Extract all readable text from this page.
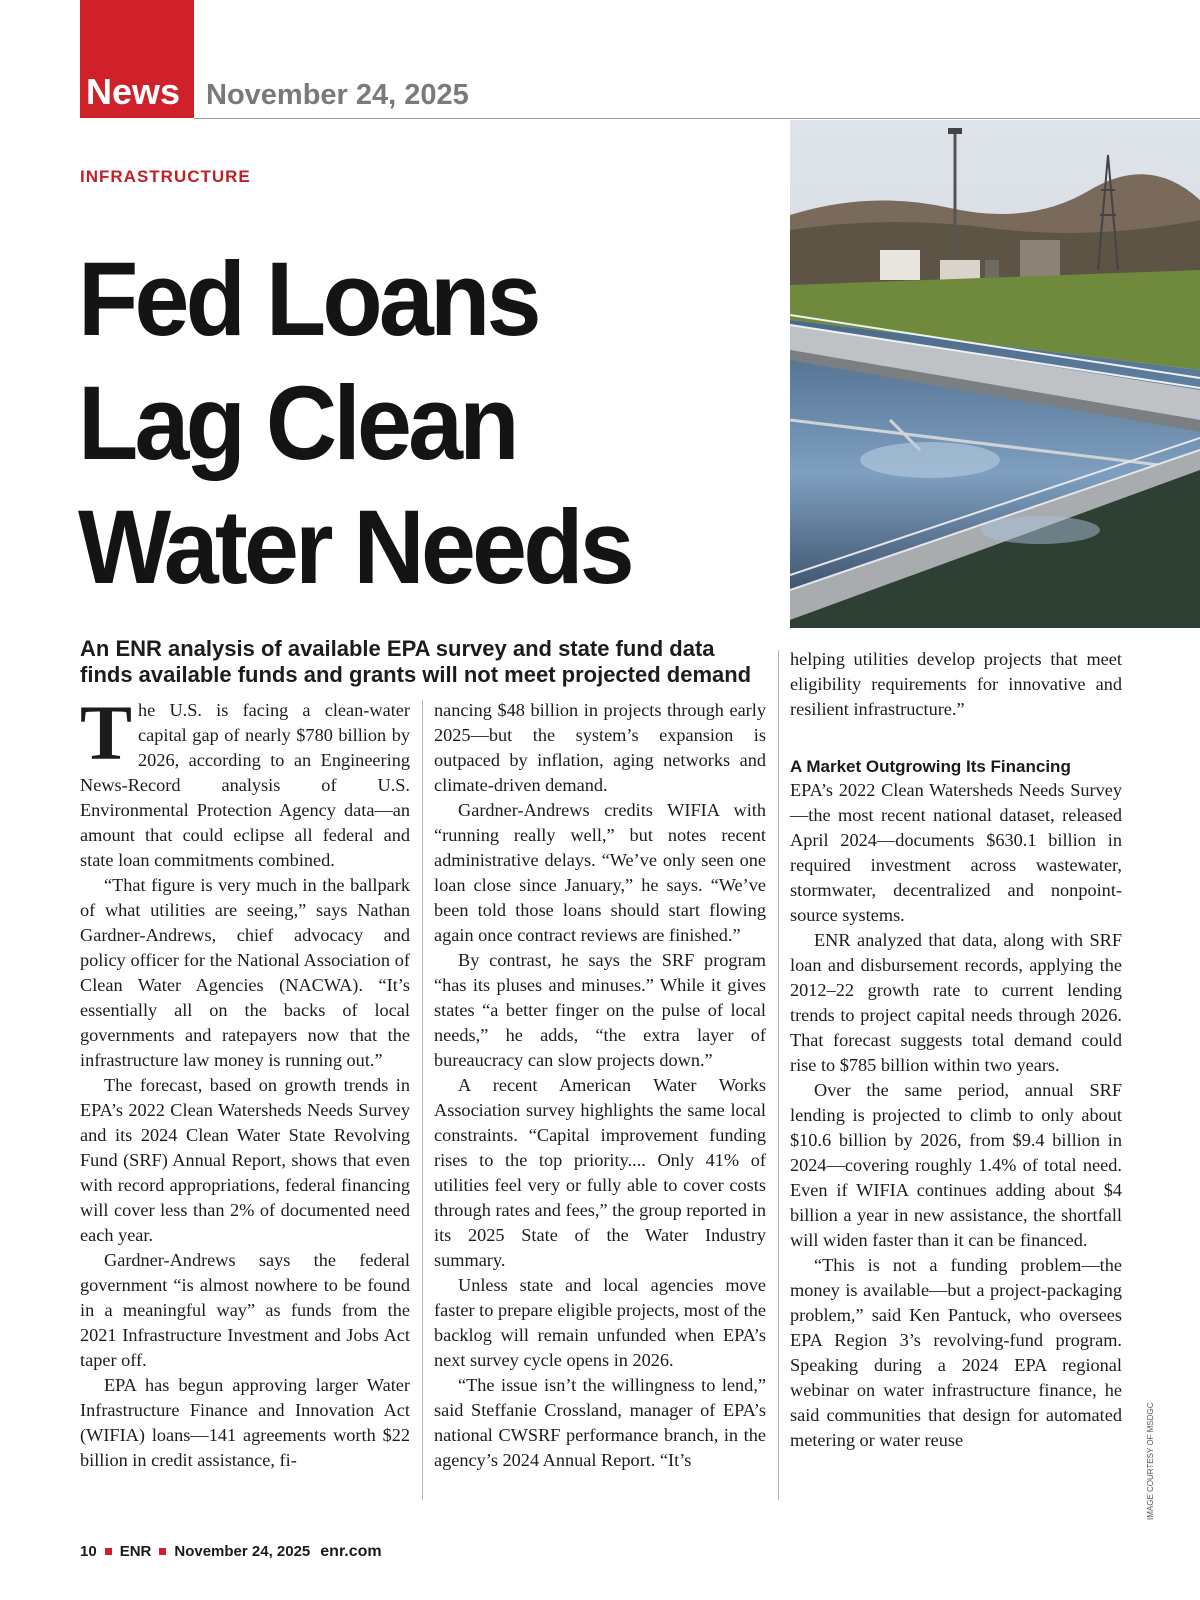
News November 24, 2025
INFRASTRUCTURE
Fed Loans
Lag Clean
Water Needs
An ENR analysis of available EPA survey and state fund data
finds available funds and grants will not meet projected demand

The U.S. is facing a clean-water capital gap of nearly $780 billion by 2026, according to an Engineering News-Record analysis of U.S. Environmental Protection Agency data—an amount that could eclipse all federal and state loan commitments combined.

“That figure is very much in the ballpark of what utilities are seeing,” says Nathan Gardner-Andrews, chief advocacy and policy officer for the National Association of Clean Water Agencies (NACWA). “It’s essentially all on the backs of local governments and ratepayers now that the infrastructure law money is running out.”

The forecast, based on growth trends in EPA’s 2022 Clean Watersheds Needs Survey and its 2024 Clean Water State Revolving Fund (SRF) Annual Report, shows that even with record appropriations, federal financing will cover less than 2% of documented need each year.

Gardner-Andrews says the federal government “is almost nowhere to be found in a meaningful way” as funds from the 2021 Infrastructure Investment and Jobs Act taper off.

EPA has begun approving larger Water Infrastructure Finance and Innovation Act (WIFIA) loans—141 agreements worth $22 billion in credit assistance, fi-

nancing $48 billion in projects through early 2025—but the system’s expansion is outpaced by inflation, aging networks and climate-driven demand.

Gardner-Andrews credits WIFIA with “running really well,” but notes recent administrative delays. “We’ve only seen one loan close since January,” he says. “We’ve been told those loans should start flowing again once contract reviews are finished.”

By contrast, he says the SRF program “has its pluses and minuses.” While it gives states “a better finger on the pulse of local needs,” he adds, “the extra layer of bureaucracy can slow projects down.”

A recent American Water Works Association survey highlights the same local constraints. “Capital improvement funding rises to the top priority.... Only 41% of utilities feel very or fully able to cover costs through rates and fees,” the group reported in its 2025 State of the Water Industry summary.

Unless state and local agencies move faster to prepare eligible projects, most of the backlog will remain unfunded when EPA’s next survey cycle opens in 2026.

“The issue isn’t the willingness to lend,” said Steffanie Crossland, manager of EPA’s national CWSRF performance branch, in the agency’s 2024 Annual Report. “It’s

helping utilities develop projects that meet eligibility requirements for innovative and resilient infrastructure.”

A Market Outgrowing Its Financing

EPA’s 2022 Clean Watersheds Needs Survey—the most recent national dataset, released April 2024—documents $630.1 billion in required investment across wastewater, stormwater, decentralized and nonpoint-source systems.

ENR analyzed that data, along with SRF loan and disbursement records, applying the 2012–22 growth rate to current lending trends to project capital needs through 2026. That forecast suggests total demand could rise to $785 billion within two years.

Over the same period, annual SRF lending is projected to climb to only about $10.6 billion by 2026, from $9.4 billion in 2024—covering roughly 1.4% of total need. Even if WIFIA continues adding about $4 billion a year in new assistance, the shortfall will widen faster than it can be financed.

“This is not a funding problem—the money is available—but a project-packaging problem,” said Ken Pantuck, who oversees EPA Region 3’s revolving-fund program. Speaking during a 2024 EPA regional webinar on water infrastructure finance, he said communities that design for automated metering or water reuse	IMAGE COURTESY OF MSDGC
10 ENR November 24, 2025 enr.com
